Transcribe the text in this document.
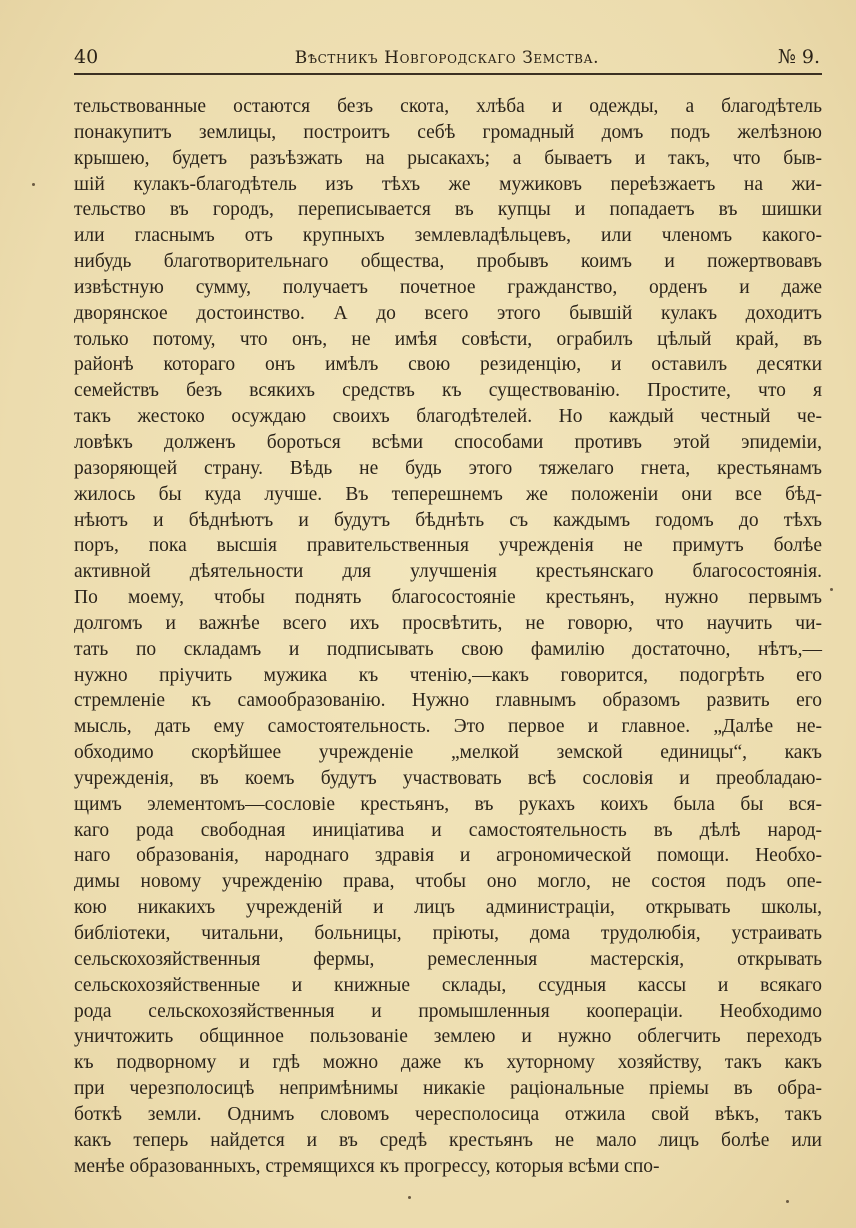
40	Вѣстникъ Новгородскаго Земства.	№ 9.
тельствованные остаются безъ скота, хлѣба и одежды, а благодѣтель
понакупитъ землицы, построитъ себѣ громадный домъ подъ желѣзною
крышею, будетъ разъѣзжать на рысакахъ; а бываетъ и такъ, что быв-
шій кулакъ-благодѣтель изъ тѣхъ же мужиковъ переѣзжаетъ на жи-
тельство въ городъ, переписывается въ купцы и попадаетъ въ шишки
или гласнымъ отъ крупныхъ землевладѣльцевъ, или членомъ какого-
нибудь благотворительнаго общества, пробывъ коимъ и пожертвовавъ
извѣстную сумму, получаетъ почетное гражданство, орденъ и даже
дворянское достоинство. А до всего этого бывшій кулакъ доходитъ
только потому, что онъ, не имѣя совѣсти, ограбилъ цѣлый край, въ
районѣ котораго онъ имѣлъ свою резиденцію, и оставилъ десятки
семействъ безъ всякихъ средствъ къ существованію. Простите, что я
такъ жестоко осуждаю своихъ благодѣтелей. Но каждый честный че-
ловѣкъ долженъ бороться всѣми способами противъ этой эпидеміи,
разоряющей страну. Вѣдь не будь этого тяжелаго гнета, крестьянамъ
жилось бы куда лучше. Въ теперешнемъ же положеніи они все бѣд-
нѣютъ и бѣднѣютъ и будутъ бѣднѣть съ каждымъ годомъ до тѣхъ
поръ, пока высшія правительственныя учрежденія не примутъ болѣе
активной дѣятельности для улучшенія крестьянскаго благосостоянія.
По моему, чтобы поднять благосостояніе крестьянъ, нужно первымъ
долгомъ и важнѣе всего ихъ просвѣтить, не говорю, что научить чи-
тать по складамъ и подписывать свою фамилію достаточно, нѣтъ,—
нужно пріучить мужика къ чтенію,—какъ говорится, подогрѣть его
стремленіе къ самообразованію. Нужно главнымъ образомъ развить его
мысль, дать ему самостоятельность. Это первое и главное. „Далѣе не-
обходимо скорѣйшее учрежденіе „мелкой земской единицы“, какъ
учрежденія, въ коемъ будутъ участвовать всѣ сословія и преобладаю-
щимъ элементомъ—сословіе крестьянъ, въ рукахъ коихъ была бы вся-
каго рода свободная иниціатива и самостоятельность въ дѣлѣ народ-
наго образованія, народнаго здравія и агрономической помощи. Необхо-
димы новому учрежденію права, чтобы оно могло, не состоя подъ опе-
кою никакихъ учрежденій и лицъ администраціи, открывать школы,
библіотеки, читальни, больницы, пріюты, дома трудолюбія, устраивать
сельскохозяйственныя фермы, ремесленныя мастерскія, открывать
сельскохозяйственные и книжные склады, ссудныя кассы и всякаго
рода сельскохозяйственныя и промышленныя коопераціи. Необходимо
уничтожить общинное пользованіе землею и нужно облегчить переходъ
къ подворному и гдѣ можно даже къ хуторному хозяйству, такъ какъ
при черезполосицѣ непримѣнимы никакіе раціональные пріемы въ обра-
боткѣ земли. Однимъ словомъ чересполосица отжила свой вѣкъ, такъ
какъ теперь найдется и въ средѣ крестьянъ не мало лицъ болѣе или
менѣе образованныхъ, стремящихся къ прогрессу, которыя всѣми спо-
